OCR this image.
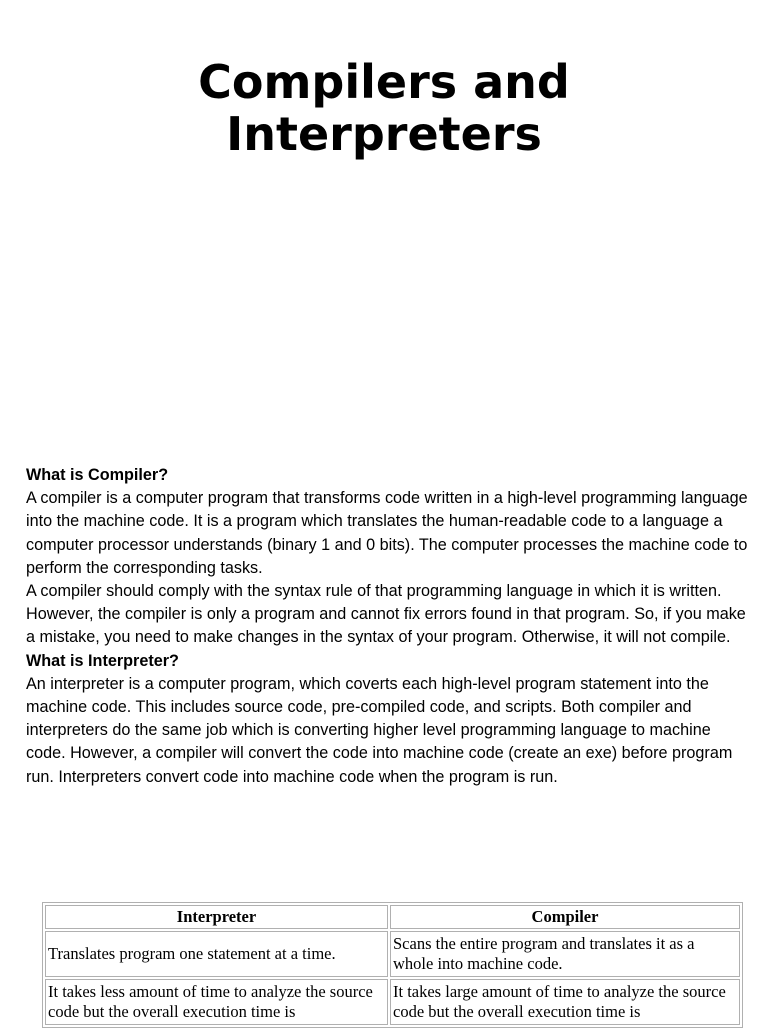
Compilers and
Interpreters

What is Compiler?

A compiler is a computer program that transforms code written in a high-level programming language into the machine code. It is a program which translates the human-readable code to a language a computer processor understands (binary 1 and 0 bits). The computer processes the machine code to perform the corresponding tasks.

A compiler should comply with the syntax rule of that programming language in which it is written. However, the compiler is only a program and cannot fix errors found in that program. So, if you make a mistake, you need to make changes in the syntax of your program. Otherwise, it will not compile.

What is Interpreter?

An interpreter is a computer program, which coverts each high-level program statement into the machine code. This includes source code, pre-compiled code, and scripts. Both compiler and interpreters do the same job which is converting higher level programming language to machine code. However, a compiler will convert the code into machine code (create an exe) before program run. Interpreters convert code into machine code when the program is run.

Interpreter	Compiler
Translates program one statement at a time.	Scans the entire program and translates it as a whole into machine code.
It takes less amount of time to analyze the source code but the overall execution time is	It takes large amount of time to analyze the source code but the overall execution time is
